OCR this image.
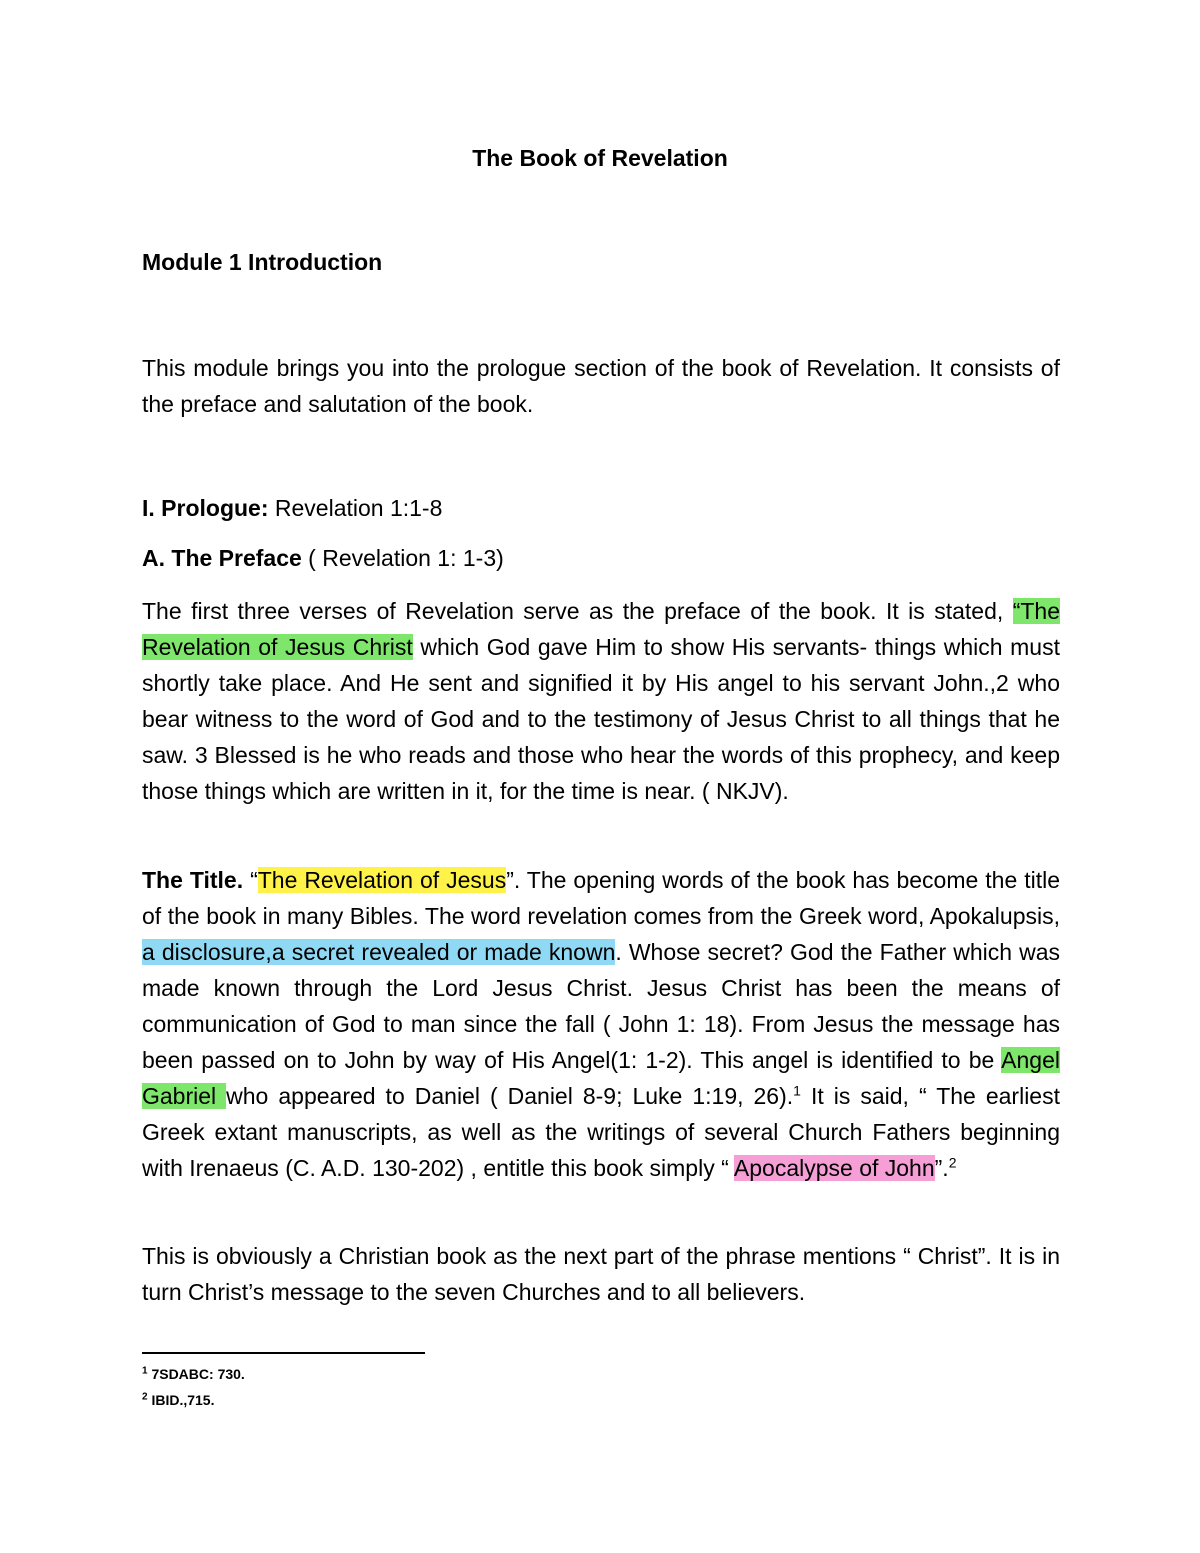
The Book of Revelation
Module 1 Introduction
This module brings you into the prologue section of the book of Revelation. It consists of the preface and salutation of the book.
I. Prologue: Revelation 1:1-8
A. The Preface ( Revelation 1: 1-3)
The first three verses of Revelation serve as the preface of the book. It is stated, “The Revelation of Jesus Christ which God gave Him to show His servants- things which must shortly take place. And He sent and signified it by His angel to his servant John.,2 who bear witness to the word of God and to the testimony of Jesus Christ to all things that he saw. 3 Blessed is he who reads and those who hear the words of this prophecy, and keep those things which are written in it, for the time is near. ( NKJV).
The Title. “The Revelation of Jesus”. The opening words of the book has become the title of the book in many Bibles. The word revelation comes from the Greek word, Apokalupsis, a disclosure,a secret revealed or made known. Whose secret? God the Father which was made known through the Lord Jesus Christ. Jesus Christ has been the means of communication of God to man since the fall ( John 1: 18). From Jesus the message has been passed on to John by way of His Angel(1: 1-2). This angel is identified to be Angel Gabriel who appeared to Daniel ( Daniel 8-9; Luke 1:19, 26).$^1$ It is said, “ The earliest Greek extant manuscripts, as well as the writings of several Church Fathers beginning with Irenaeus (C. A.D. 130-202) , entitle this book simply “ Apocalypse of John”.$^2$
This is obviously a Christian book as the next part of the phrase mentions “ Christ”. It is in turn Christ’s message to the seven Churches and to all believers.
$^1$ 7SDABC: 730.
$^2$ IBID.,715.
